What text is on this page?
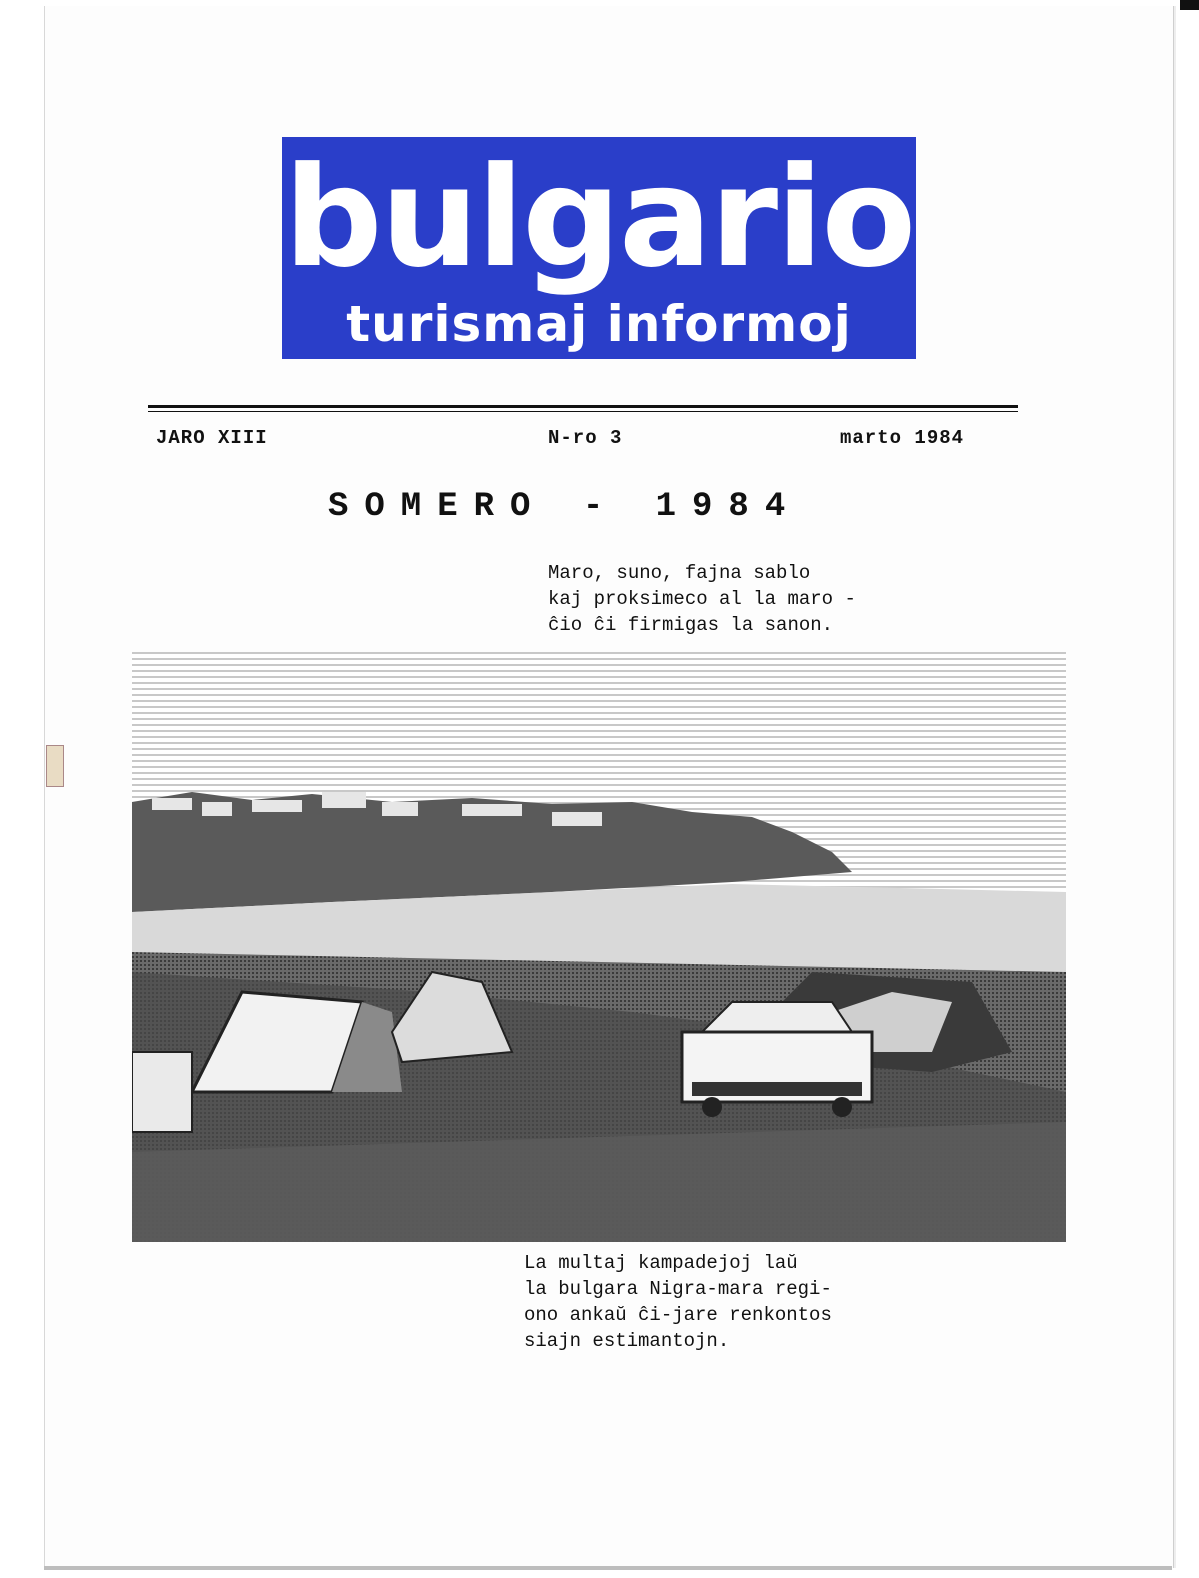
bulgario
turismaj informoj
JARO XIII	N-ro 3	marto 1984
SOMERO - 1984
Maro, suno, fajna sablo
kaj proksimeco al la maro -
ĉio ĉi firmigas la sanon.
La multaj kampadejoj laŭ
la bulgara Nigra-mara regi-
ono ankaŭ ĉi-jare renkontos
siajn estimantojn.
